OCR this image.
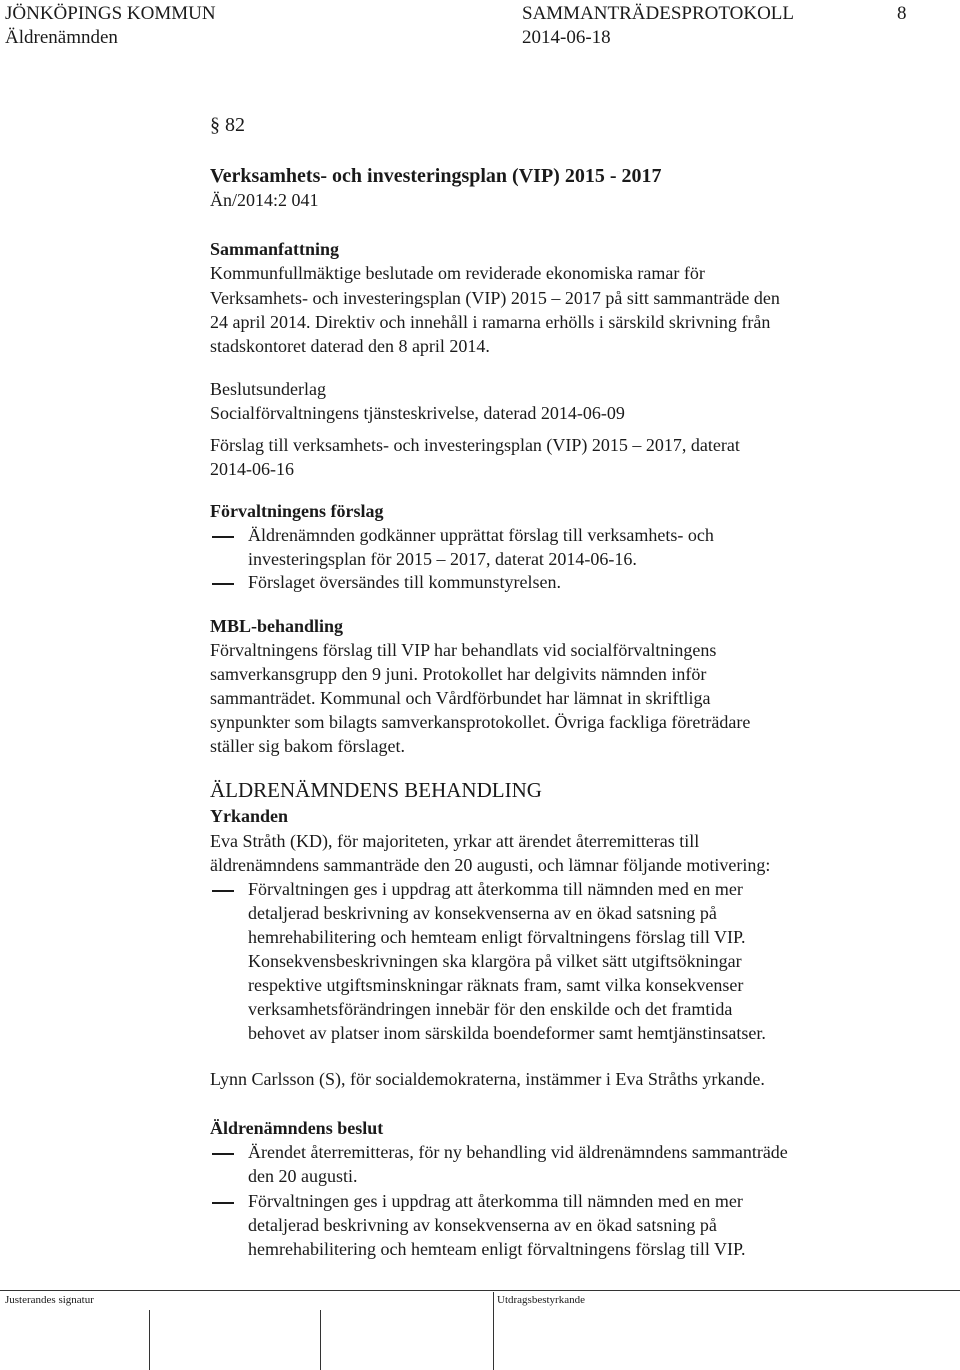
JÖNKÖPINGS KOMMUN	SAMMANTRÄDESPROTOKOLL	8
Äldrenämnden	2014-06-18
§ 82
Verksamhets- och investeringsplan (VIP) 2015 - 2017
Än/2014:2 041
Sammanfattning
Kommunfullmäktige beslutade om reviderade ekonomiska ramar för
Verksamhets- och investeringsplan (VIP) 2015 – 2017 på sitt sammanträde den
24 april 2014. Direktiv och innehåll i ramarna erhölls i särskild skrivning från
stadskontoret daterad den 8 april 2014.
Beslutsunderlag
Socialförvaltningens tjänsteskrivelse, daterad 2014-06-09
Förslag till verksamhets- och investeringsplan (VIP) 2015 – 2017, daterat
2014-06-16
Förvaltningens förslag
Äldrenämnden godkänner upprättat förslag till verksamhets- och
investeringsplan för 2015 – 2017, daterat 2014-06-16.
Förslaget översändes till kommunstyrelsen.
MBL-behandling
Förvaltningens förslag till VIP har behandlats vid socialförvaltningens
samverkansgrupp den 9 juni. Protokollet har delgivits nämnden inför
sammanträdet. Kommunal och Vårdförbundet har lämnat in skriftliga
synpunkter som bilagts samverkansprotokollet. Övriga fackliga företrädare
ställer sig bakom förslaget.
ÄLDRENÄMNDENS BEHANDLING
Yrkanden
Eva Stråth (KD), för majoriteten, yrkar att ärendet återremitteras till
äldrenämndens sammanträde den 20 augusti, och lämnar följande motivering:
Förvaltningen ges i uppdrag att återkomma till nämnden med en mer
detaljerad beskrivning av konsekvenserna av en ökad satsning på
hemrehabilitering och hemteam enligt förvaltningens förslag till VIP.
Konsekvensbeskrivningen ska klargöra på vilket sätt utgiftsökningar
respektive utgiftsminskningar räknats fram, samt vilka konsekvenser
verksamhetsförändringen innebär för den enskilde och det framtida
behovet av platser inom särskilda boendeformer samt hemtjänstinsatser.
Lynn Carlsson (S), för socialdemokraterna, instämmer i Eva Stråths yrkande.
Äldrenämndens beslut
Ärendet återremitteras, för ny behandling vid äldrenämndens sammanträde
den 20 augusti.
Förvaltningen ges i uppdrag att återkomma till nämnden med en mer
detaljerad beskrivning av konsekvenserna av en ökad satsning på
hemrehabilitering och hemteam enligt förvaltningens förslag till VIP.
Justerandes signatur	Utdragsbestyrkande
